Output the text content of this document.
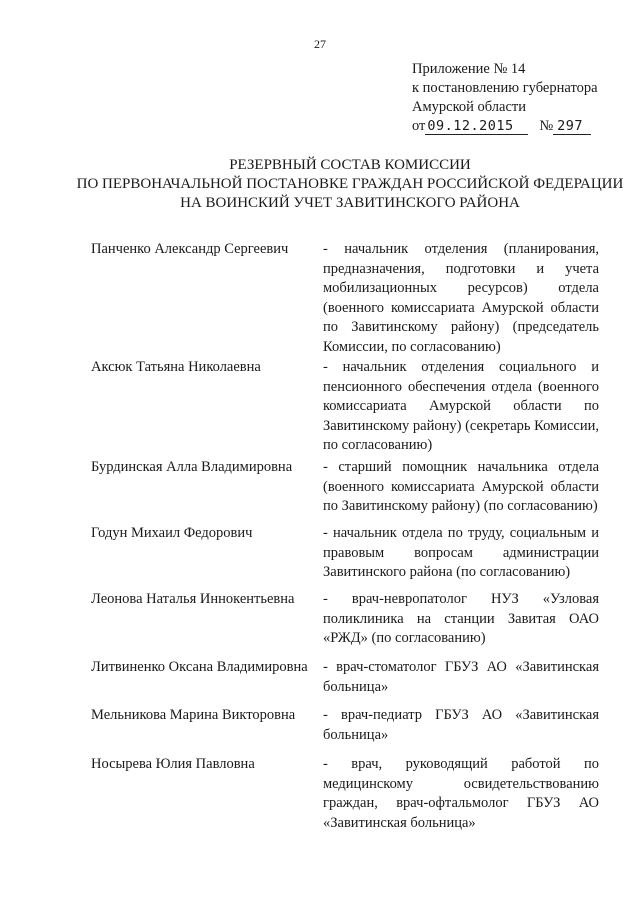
27
Приложение № 14
к постановлению губернатора
Амурской области
от 09.12.2015 № 297
РЕЗЕРВНЫЙ СОСТАВ КОМИССИИ
ПО ПЕРВОНАЧАЛЬНОЙ ПОСТАНОВКЕ ГРАЖДАН РОССИЙСКОЙ ФЕДЕРАЦИИ
НА ВОИНСКИЙ УЧЕТ ЗАВИТИНСКОГО РАЙОНА
Панченко Александр Сергеевич - начальник отделения (планирования, предназначения, подготовки и учета мобилизационных ресурсов) отдела (военного комиссариата Амурской области по Завитинскому району) (председатель Комиссии, по согласованию)
Аксюк Татьяна Николаевна	- начальник отделения социального и пенсионного обеспечения отдела (военного комиссариата Амурской области по Завитинскому району) (секретарь Комиссии, по согласованию)
Бурдинская Алла Владимировна - старший помощник начальника отдела (военного комиссариата Амурской области по Завитинскому району) (по согласованию)
Годун Михаил Федорович	- начальник отдела по труду, социальным и правовым вопросам администрации Завитинского района (по согласованию)
Леонова Наталья Иннокентьевна - врач-невропатолог НУЗ «Узловая поликлиника на станции Завитая ОАО «РЖД» (по согласованию)
Литвиненко Оксана Владимировна - врач-стоматолог ГБУЗ АО «Завитинская больница»
Мельникова Марина Викторовна - врач-педиатр ГБУЗ АО «Завитинская больница»
Носырева Юлия Павловна	- врач, руководящий работой по медицинскому освидетельствованию граждан, врач-офтальмолог ГБУЗ АО «Завитинская больница»
